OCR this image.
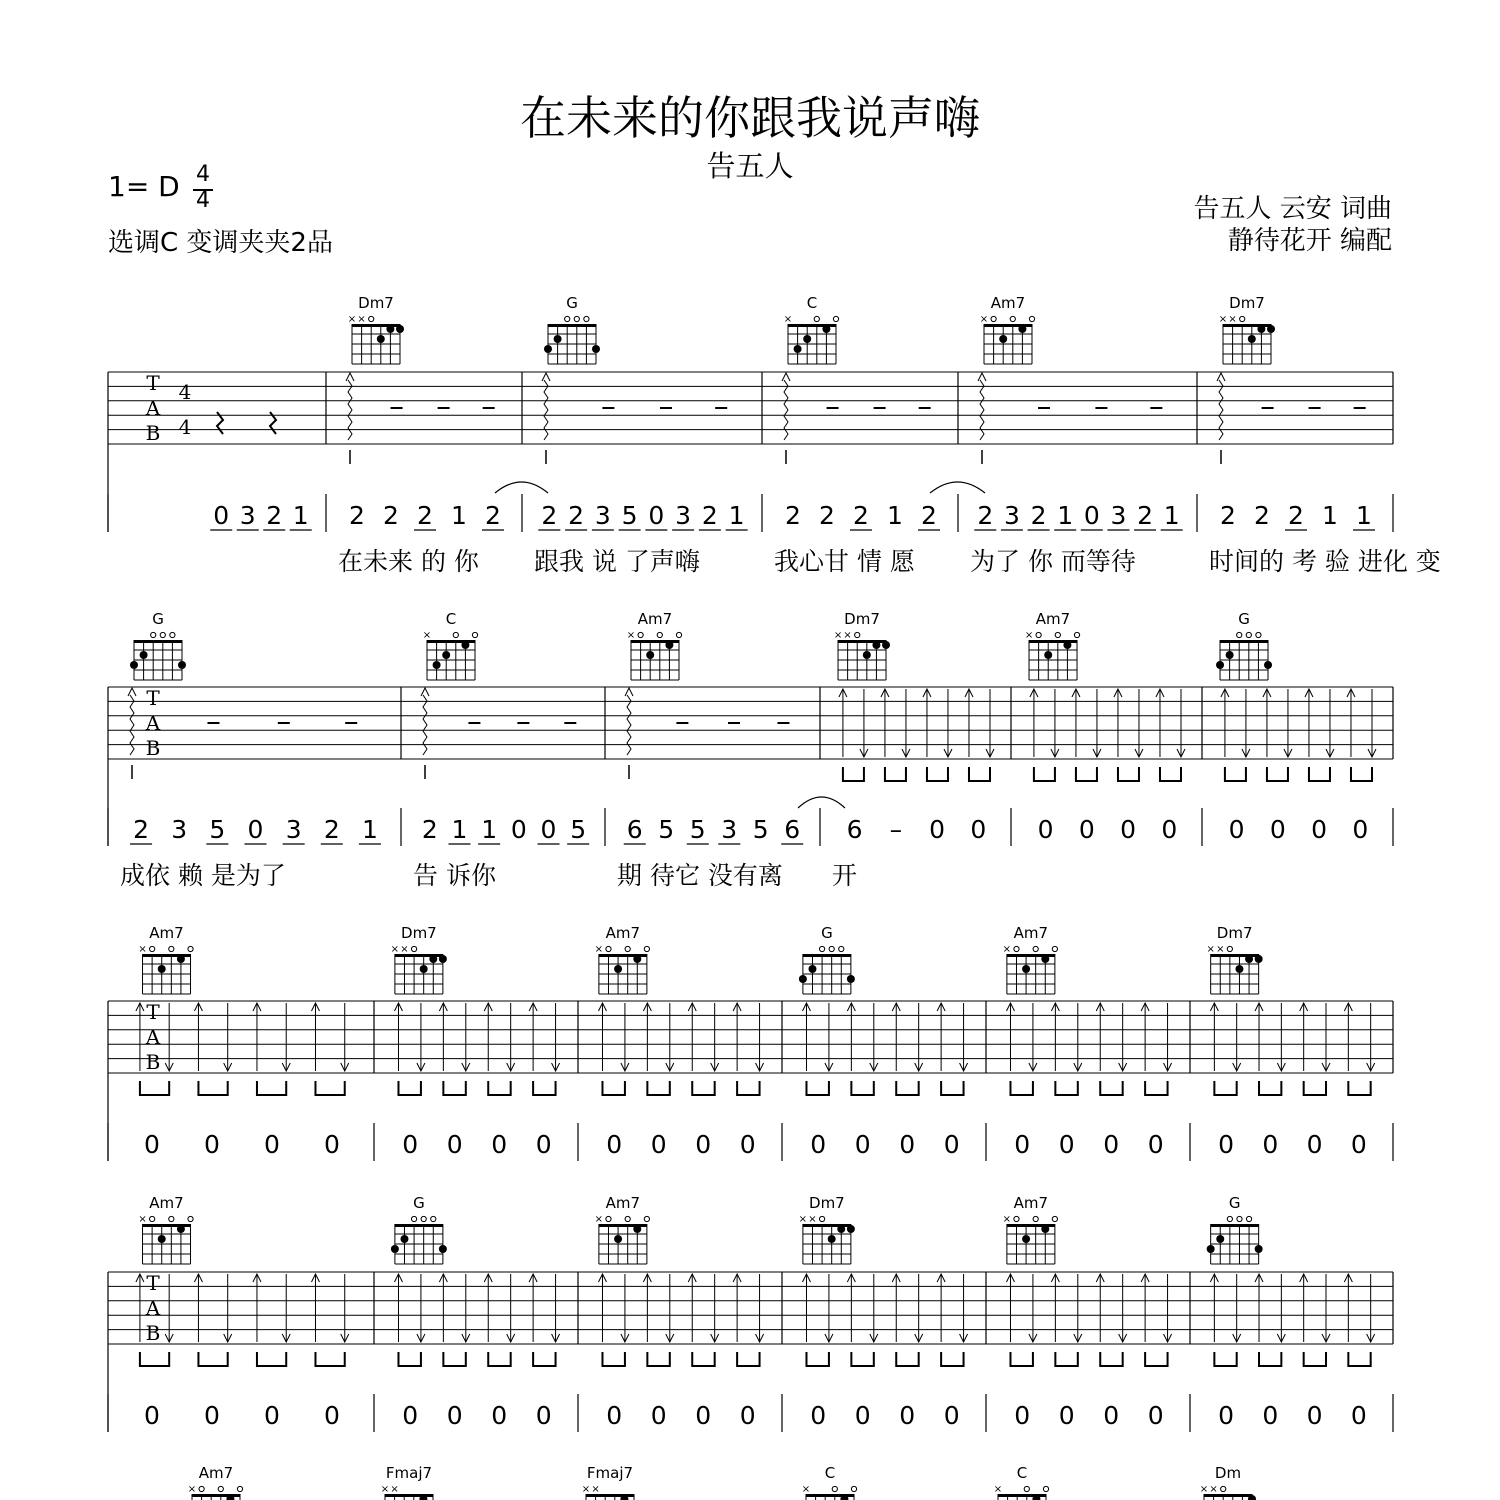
在未来的你跟我说声嗨
告五人
1= D 4
4
选调C 变调夹夹2品
告五人 云安 词曲
静待花开 编配
T
A
B
4
4
0 3 2 1 2 2 2 1 2
在未来 的 你
2 2 3 5 0 3 2 1
跟我 说 了声嗨
2 2 2 1 2
我心甘 情 愿
2 3 2 1 0 3 2 1
为了 你 而等待
2 2 2 1 1
时间的 考 验 进化 变
Dm7
× ×
G	C
×
Am7
×
Dm7
× ×
T
A
B
2 3 5 0 3 2 1
成依 赖 是为了
2 1 1 0 0 5
告 诉你
6 5 5 3 5 6
期 待它 没有离
6 – 0 0
开
0 0 0 0 0 0 0 0
G	C
×
Am7
×
Dm7
× ×
Am7
×
G
T
A
B
0 0 0 0 0 0 0 0 0 0 0 0 0 0 0 0 0 0 0 0 0 0 0 0
Am7
×
Dm7
× ×
Am7
×
G	Am7
×
Dm7
× ×
T
A
B
0 0 0 0 0 0 0 0 0 0 0 0 0 0 0 0 0 0 0 0 0 0 0 0
Am7
×
G	Am7
×
Dm7
× ×
Am7
×
G
Am7
×
Fmaj7
× ×
Fmaj7
× ×
C
×
C
×
Dm
× ×
